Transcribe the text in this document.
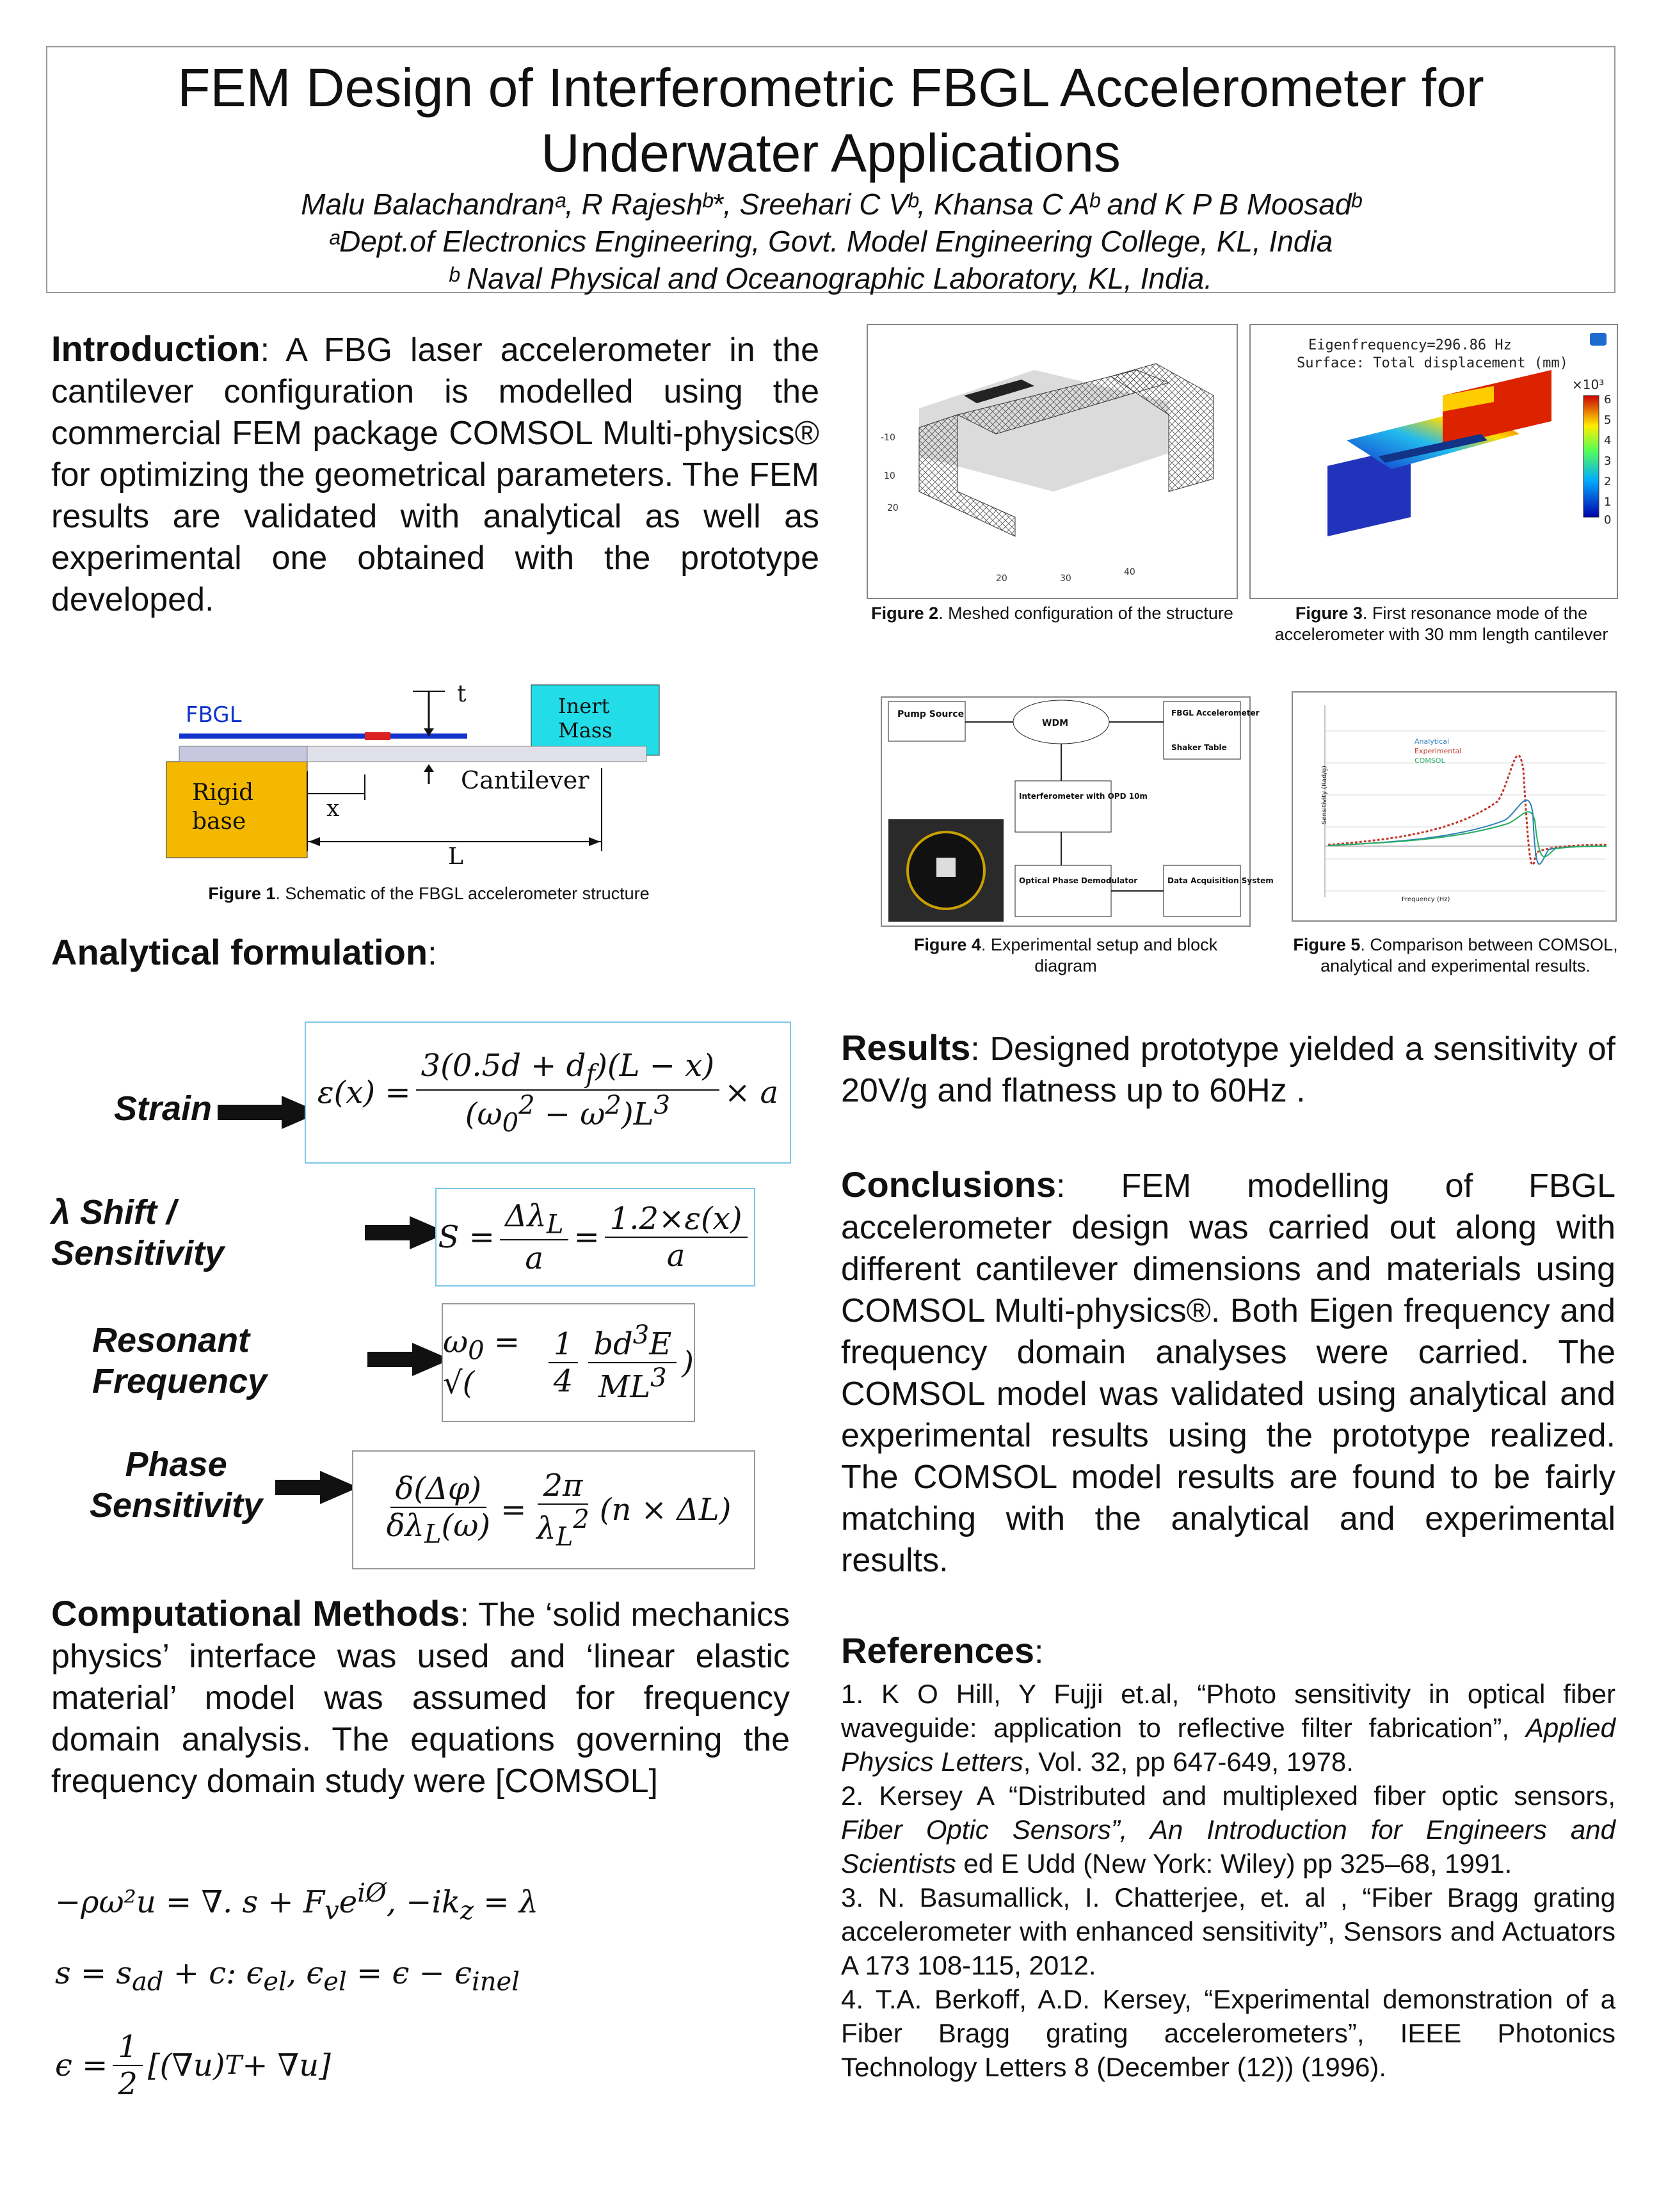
FEM Design of Interferometric FBGL Accelerometer for
Underwater Applications
Malu Balachandranᵃ, R Rajeshᵇ*, Sreehari C Vᵇ, Khansa C Aᵇ and K P B Moosadᵇ
ᵃDept.of Electronics Engineering, Govt. Model Engineering College, KL, India
ᵇ Naval Physical and Oceanographic Laboratory, KL, India.
Introduction: A FBG laser accelerometer in the cantilever configuration is modelled using the commercial FEM package COMSOL Multi-physics® for optimizing the geometrical parameters. The FEM results are validated with analytical as well as experimental one obtained with the prototype developed.
-10
10
20
20	30
40
Figure 2. Meshed configuration of the structure
Eigenfrequency=296.86 Hz
Surface: Total displacement (mm)
×10³
6
5
4
3
2
1
0
Figure 3. First resonance mode of the accelerometer with 30 mm length cantilever
FBGL
Rigid
base
Inert
Mass
Cantilever
x
L
t
Figure 1. Schematic of the FBGL accelerometer structure
Pump Source
WDM
FBGL Accelerometer
Shaker Table
Interferometer with OPD 10m
Optical Phase Demodulator	Data Acquisition System
Figure 4. Experimental setup and block diagram
Frequency (Hz)
Sensitivity (Rad/g)
Analytical
Experimental
COMSOL
Figure 5. Comparison between COMSOL, analytical and experimental results.
Analytical formulation:
Strain	$\varepsilon(x) = \frac{3(0.5d + d_f)(L - x)}{(\omega_0^2 - \omega^2)L^3} \times a$
λ Shift /
Sensitivity	$S = \frac{\Delta\lambda_L}{a} = \frac{1.2\times\varepsilon(x)}{a}$
Resonant
Frequency
$\omega_0$ = √(	$\frac{1}{4} \frac{bd^3E}{ML^3}$ )
Phase
Sensitivity	$\frac{\delta(\Delta\varphi)}{\delta\lambda_L(\omega)} = \frac{2\pi}{\lambda_L^2} (n \times \Delta L)$
Computational Methods: The ‘solid mechanics physics’ interface was used and ‘linear elastic material’ model was assumed for frequency domain analysis. The equations governing the frequency domain study were [COMSOL]
−ρω²u = ∇. $s + F_ve^{iØ}$, $-ik_z = \lambda$
$s = s_{ad} + c$: $\epsilon_{el}$, $\epsilon_{el} = \epsilon - \epsilon_{inel}$
$\epsilon = \frac{1}{2} [(\nabla u) T + \nabla u]$
Results: Designed prototype yielded a sensitivity of 20V/g and flatness up to 60Hz .
Conclusions: FEM modelling of FBGL accelerometer design was carried out along with different cantilever dimensions and materials using COMSOL Multi-physics®. Both Eigen frequency and frequency domain analyses were carried. The COMSOL model was validated using analytical and experimental results using the prototype realized. The COMSOL model results are found to be fairly matching with the analytical and experimental results.
References:
1. K O Hill, Y Fujji et.al, “Photo sensitivity in optical fiber waveguide: application to reflective filter fabrication”, Applied Physics Letters, Vol. 32, pp 647-649, 1978.
2. Kersey A “Distributed and multiplexed fiber optic sensors, Fiber Optic Sensors”, An Introduction for Engineers and Scientists ed E Udd (New York: Wiley) pp 325–68, 1991.
3. N. Basumallick, I. Chatterjee, et. al , “Fiber Bragg grating accelerometer with enhanced sensitivity”, Sensors and Actuators A 173 108-115, 2012.
4. T.A. Berkoff, A.D. Kersey, “Experimental demonstration of a Fiber Bragg grating accelerometers”, IEEE Photonics Technology Letters 8 (December (12)) (1996).
